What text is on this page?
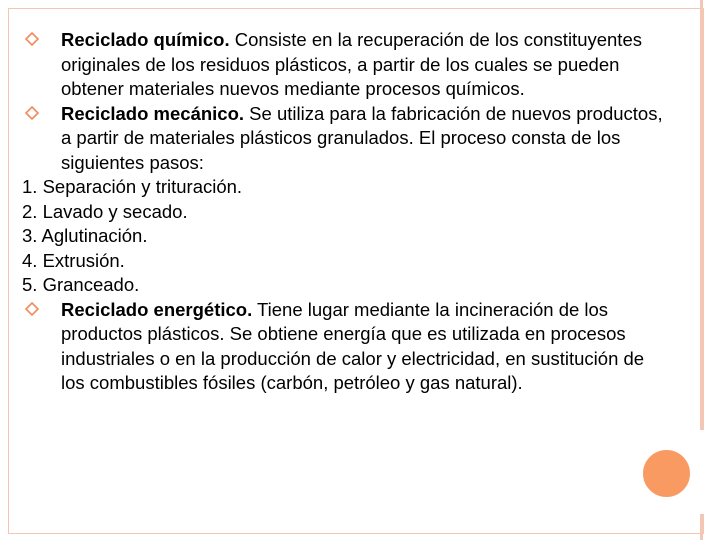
Reciclado químico. Consiste en la recuperación de los constituyentes originales de los residuos plásticos, a partir de los cuales se pueden obtener materiales nuevos mediante procesos químicos.
Reciclado mecánico. Se utiliza para la fabricación de nuevos productos, a partir de materiales plásticos granulados. El proceso consta de los siguientes pasos:
1. Separación y trituración.
2. Lavado y secado.
3. Aglutinación.
4. Extrusión.
5. Granceado.
Reciclado energético. Tiene lugar mediante la incineración de los productos plásticos. Se obtiene energía que es utilizada en procesos industriales o en la producción de calor y electricidad, en sustitución de los combustibles fósiles (carbón, petróleo y gas natural).
